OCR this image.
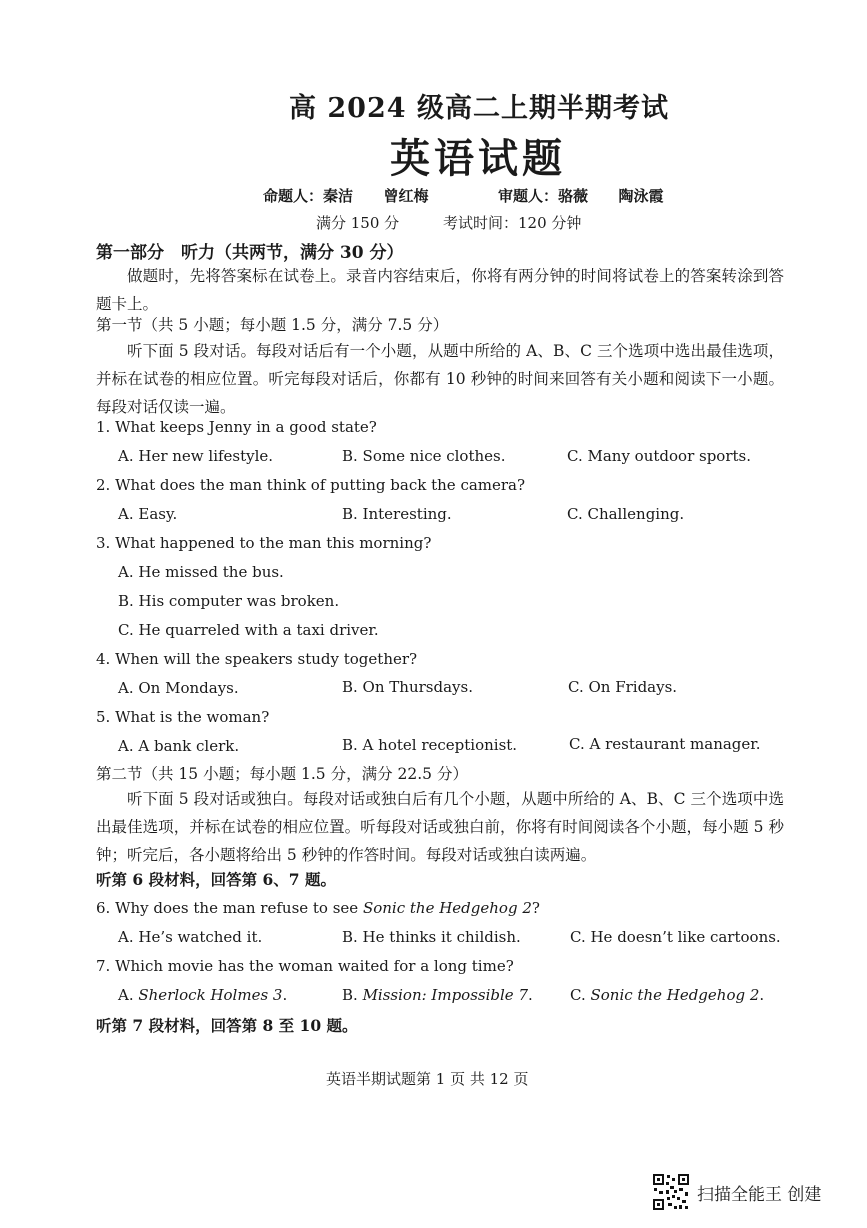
高 2024 级高二上期半期考试
英语试题
命题人：秦洁 曾红梅	审题人：骆薇 陶泳霞
满分 150 分	考试时间：120 分钟
第一部分　听力（共两节，满分 30 分）
做题时，先将答案标在试卷上。录音内容结束后，你将有两分钟的时间将试卷上的答案转涂到答题卡上。
第一节（共 5 小题；每小题 1.5 分，满分 7.5 分）
听下面 5 段对话。每段对话后有一个小题，从题中所给的 A、B、C 三个选项中选出最佳选项，并标在试卷的相应位置。听完每段对话后，你都有 10 秒钟的时间来回答有关小题和阅读下一小题。每段对话仅读一遍。
1. What keeps Jenny in a good state?
A. Her new lifestyle.	B. Some nice clothes.	C. Many outdoor sports.
2. What does the man think of putting back the camera?
A. Easy.	B. Interesting.	C. Challenging.
3. What happened to the man this morning?
A. He missed the bus.
B. His computer was broken.
C. He quarreled with a taxi driver.
4. When will the speakers study together?
A. On Mondays.	B. On Thursdays.	C. On Fridays.
5. What is the woman?
A. A bank clerk.	B. A hotel receptionist.	C. A restaurant manager.
第二节（共 15 小题；每小题 1.5 分，满分 22.5 分）
听下面 5 段对话或独白。每段对话或独白后有几个小题，从题中所给的 A、B、C 三个选项中选出最佳选项，并标在试卷的相应位置。听每段对话或独白前，你将有时间阅读各个小题，每小题 5 秒钟；听完后，各小题将给出 5 秒钟的作答时间。每段对话或独白读两遍。
听第 6 段材料，回答第 6、7 题。
6. Why does the man refuse to see Sonic the Hedgehog 2?
A. He’s watched it.	B. He thinks it childish.	C. He doesn’t like cartoons.
7. Which movie has the woman waited for a long time?
A. Sherlock Holmes 3.	B. Mission: Impossible 7. C. Sonic the Hedgehog 2.
听第 7 段材料，回答第 8 至 10 题。
英语半期试题第 1 页 共 12 页
扫描全能王 创建
